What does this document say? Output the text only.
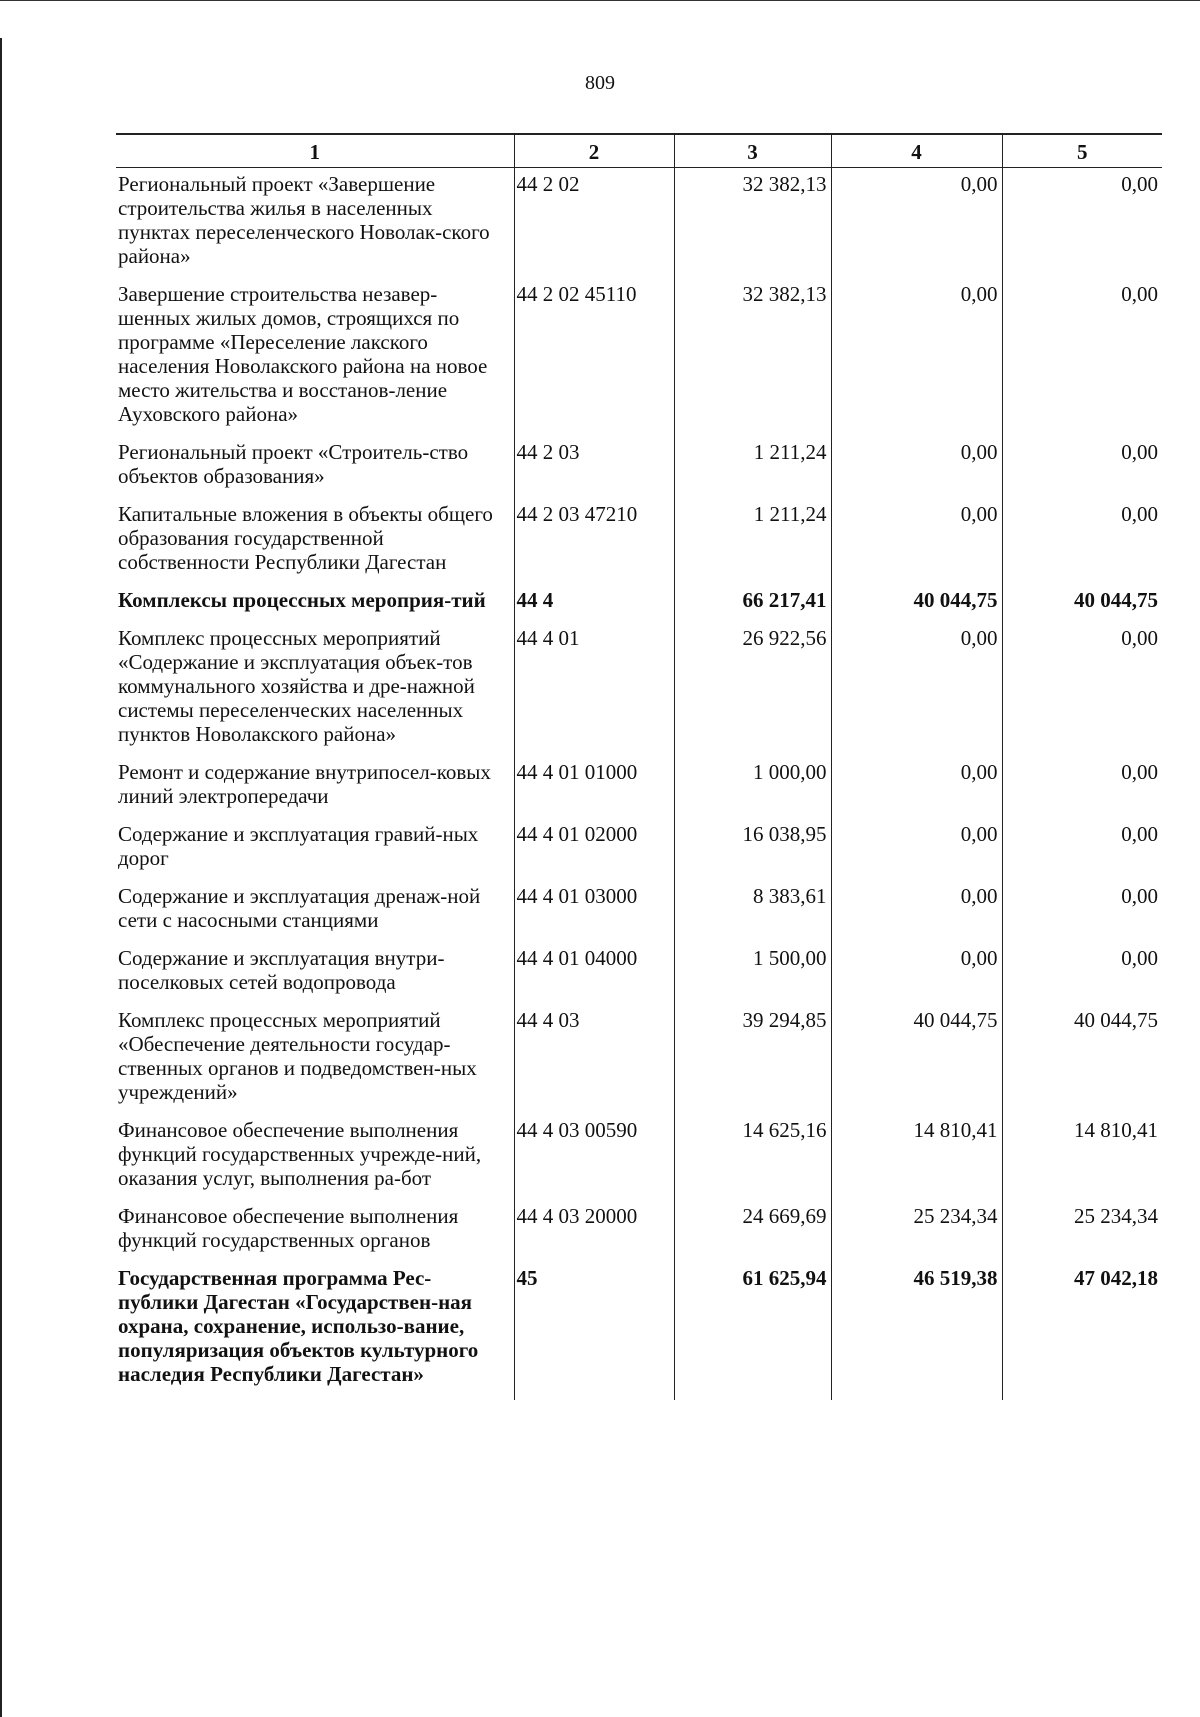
809
1	2	3	4	5
Региональный проект «Завершение строительства жилья в населенных пунктах переселенческого Новолак-ского района»	44 2 02	32 382,13	0,00	0,00
Завершение строительства незавер-шенных жилых домов, строящихся по программе «Переселение лакского населения Новолакского района на новое место жительства и восстанов-ление Ауховского района»	44 2 02 45110	32 382,13	0,00	0,00
Региональный проект «Строитель-ство объектов образования»	44 2 03	1 211,24	0,00	0,00
Капитальные вложения в объекты общего образования государственной собственности Республики Дагестан	44 2 03 47210	1 211,24	0,00	0,00
Комплексы процессных мероприя-тий	44 4	66 217,41	40 044,75	40 044,75
Комплекс процессных мероприятий «Содержание и эксплуатация объек-тов коммунального хозяйства и дре-нажной системы переселенческих населенных пунктов Новолакского района»	44 4 01	26 922,56	0,00	0,00
Ремонт и содержание внутрипосел-ковых линий электропередачи	44 4 01 01000	1 000,00	0,00	0,00
Содержание и эксплуатация гравий-ных дорог	44 4 01 02000	16 038,95	0,00	0,00
Содержание и эксплуатация дренаж-ной сети с насосными станциями	44 4 01 03000	8 383,61	0,00	0,00
Содержание и эксплуатация внутри-поселковых сетей водопровода	44 4 01 04000	1 500,00	0,00	0,00
Комплекс процессных мероприятий «Обеспечение деятельности государ-ственных органов и подведомствен-ных учреждений»	44 4 03	39 294,85	40 044,75	40 044,75
Финансовое обеспечение выполнения функций государственных учрежде-ний, оказания услуг, выполнения ра-бот	44 4 03 00590	14 625,16	14 810,41	14 810,41
Финансовое обеспечение выполнения функций государственных органов	44 4 03 20000	24 669,69	25 234,34	25 234,34
Государственная программа Рес-публики Дагестан «Государствен-ная охрана, сохранение, использо-вание, популяризация объектов культурного наследия Республики Дагестан»	45	61 625,94	46 519,38	47 042,18
